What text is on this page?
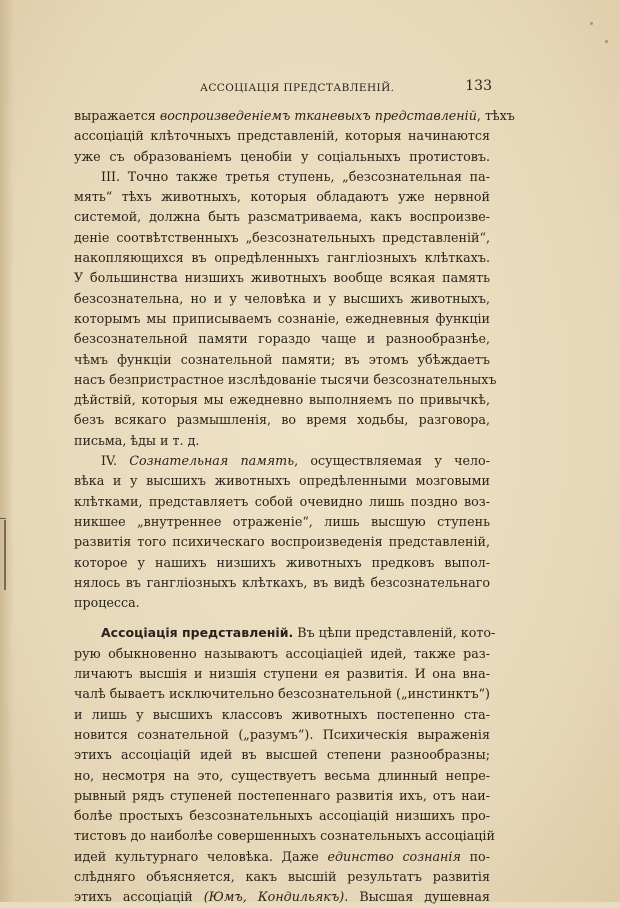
АССОЦІАЦІЯ ПРЕДСТАВЛЕНІЙ.	133
выражается воспроизведеніемъ тканевыхъ представленій, тѣхъ
ассоціацій клѣточныхъ представленій, которыя начинаются
уже съ образованіемъ ценобіи у соціальныхъ протистовъ.
III. Точно также третья ступень, „безсознательная па-
мять“ тѣхъ животныхъ, которыя обладаютъ уже нервной
системой, должна быть разсматриваема, какъ воспроизве-
деніе соотвѣтственныхъ „безсознательныхъ представленій“,
накопляющихся въ опредѣленныхъ гангліозныхъ клѣткахъ.
У большинства низшихъ животныхъ вообще всякая память
безсознательна, но и у человѣка и у высшихъ животныхъ,
которымъ мы приписываемъ сознаніе, ежедневныя функціи
безсознательной памяти гораздо чаще и разнообразнѣе,
чѣмъ функціи сознательной памяти; въ этомъ убѣждаетъ
насъ безпристрастное изслѣдованіе тысячи безсознательныхъ
дѣйствій, которыя мы ежедневно выполняемъ по привычкѣ,
безъ всякаго размышленія, во время ходьбы, разговора,
письма, ѣды и т. д.
IV. Сознательная память, осуществляемая у чело-
вѣка и у высшихъ животныхъ опредѣленными мозговыми
клѣтками, представляетъ собой очевидно лишь поздно воз-
никшее „внутреннее отраженіе“, лишь высшую ступень
развитія того психическаго воспроизведенія представленій,
которое у нашихъ низшихъ животныхъ предковъ выпол-
нялось въ гангліозныхъ клѣткахъ, въ видѣ безсознательнаго
процесса.
Ассоціація представленій. Въ цѣпи представленій, кото-
рую обыкновенно называютъ ассоціаціей идей, также раз-
личаютъ высшія и низшія ступени ея развитія. И она вна-
чалѣ бываетъ исключительно безсознательной („инстинктъ“)
и лишь у высшихъ классовъ животныхъ постепенно ста-
новится сознательной („разумъ“). Психическія выраженія
этихъ ассоціацій идей въ высшей степени разнообразны;
но, несмотря на это, существуетъ весьма длинный непре-
рывный рядъ ступеней постепеннаго развитія ихъ, отъ наи-
болѣе простыхъ безсознательныхъ ассоціацій низшихъ про-
тистовъ до наиболѣе совершенныхъ сознательныхъ ассоціацій
идей культурнаго человѣка. Даже единство сознанія по-
слѣдняго объясняется, какъ высшій результатъ развитія
этихъ ассоціацій (Юмъ, Кондильякъ). Высшая душевная
